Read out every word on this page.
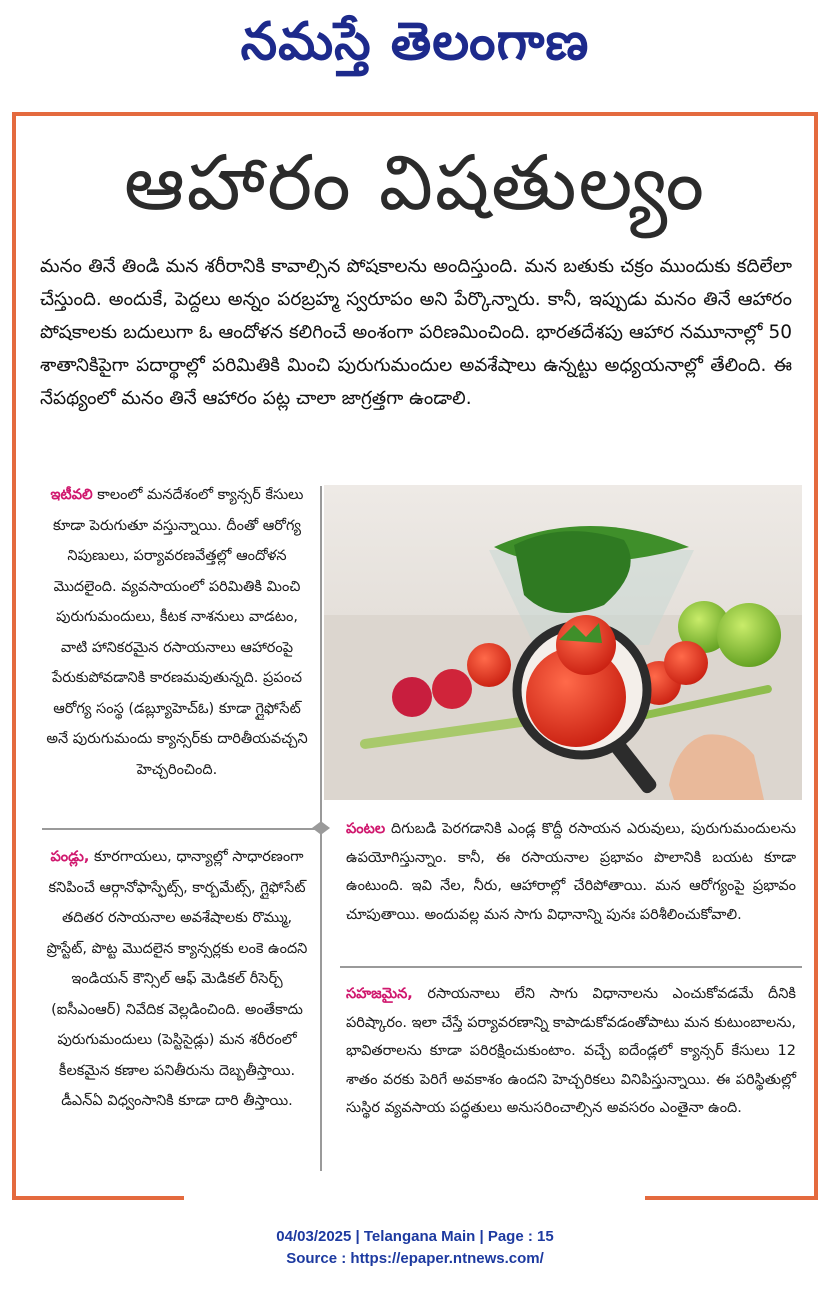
నమస్తే తెలంగాణ
ఆహారం విషతుల్యం
మనం తినే తిండి మన శరీరానికి కావాల్సిన పోషకాలను అందిస్తుంది. మన బతుకు చక్రం ముందుకు కదిలేలా చేస్తుంది. అందుకే, పెద్దలు అన్నం పరబ్రహ్మ స్వరూపం అని పేర్కొన్నారు. కానీ, ఇప్పుడు మనం తినే ఆహారం పోషకాలకు బదులుగా ఓ ఆందోళన కలిగించే అంశంగా పరిణమించింది. భారతదేశపు ఆహార నమూనాల్లో 50 శాతానికిపైగా పదార్థాల్లో పరిమితికి మించి పురుగుమందుల అవశేషాలు ఉన్నట్టు అధ్యయనాల్లో తేలింది. ఈ నేపథ్యంలో మనం తినే ఆహారం పట్ల చాలా జాగ్రత్తగా ఉండాలి.
ఇటీవలి కాలంలో మనదేశంలో క్యాన్సర్ కేసులు కూడా పెరుగుతూ వస్తున్నాయి. దీంతో ఆరోగ్య నిపుణులు, పర్యావరణవేత్తల్లో ఆందోళన మొదలైంది. వ్యవసాయంలో పరిమితికి మించి పురుగుమందులు, కీటక నాశనులు వాడటం, వాటి హానికరమైన రసాయనాలు ఆహారంపై పేరుకుపోవడానికి కారణమవుతున్నది. ప్రపంచ ఆరోగ్య సంస్థ (డబ్ల్యూహెచ్ఓ) కూడా గ్లైఫోసేట్ అనే పురుగుమందు క్యాన్సర్‌కు దారితీయవచ్చని హెచ్చరించింది.
పండ్లు, కూరగాయలు, ధాన్యాల్లో సాధారణంగా కనిపించే ఆర్గానోఫాస్ఫేట్స్, కార్బమేట్స్, గ్లైఫోసేట్ తదితర రసాయనాల అవశేషాలకు రొమ్ము, ప్రొస్టేట్, పొట్ట మొదలైన క్యాన్సర్లకు లంకె ఉందని ఇండియన్ కౌన్సిల్ ఆఫ్ మెడికల్ రీసెర్చ్ (ఐసీఎంఆర్) నివేదిక వెల్లడించింది. అంతేకాదు పురుగుమందులు (పెస్టిసైడ్లు) మన శరీరంలో కీలకమైన కణాల పనితీరును దెబ్బతీస్తాయి. డీఎన్ఏ విధ్వంసానికి కూడా దారి తీస్తాయి.
పంటల దిగుబడి పెరగడానికి ఎండ్ల కొద్దీ రసాయన ఎరువులు, పురుగుమందులను ఉపయోగిస్తున్నాం. కానీ, ఈ రసాయనాల ప్రభావం పొలానికి బయట కూడా ఉంటుంది. ఇవి నేల, నీరు, ఆహారాల్లో చేరిపోతాయి. మన ఆరోగ్యంపై ప్రభావం చూపుతాయి. అందువల్ల మన సాగు విధానాన్ని పునః పరిశీలించుకోవాలి.
సహజమైన, రసాయనాలు లేని సాగు విధానాలను ఎంచుకోవడమే దీనికి పరిష్కారం. ఇలా చేస్తే పర్యావరణాన్ని కాపాడుకోవడంతోపాటు మన కుటుంబాలను, భావితరాలను కూడా పరిరక్షించుకుంటాం. వచ్చే ఐదేండ్లలో క్యాన్సర్ కేసులు 12 శాతం వరకు పెరిగే అవకాశం ఉందని హెచ్చరికలు వినిపిస్తున్నాయి. ఈ పరిస్థితుల్లో సుస్థిర వ్యవసాయ పద్ధతులు అనుసరించాల్సిన అవసరం ఎంతైనా ఉంది.
04/03/2025 | Telangana Main | Page : 15
Source : https://epaper.ntnews.com/
